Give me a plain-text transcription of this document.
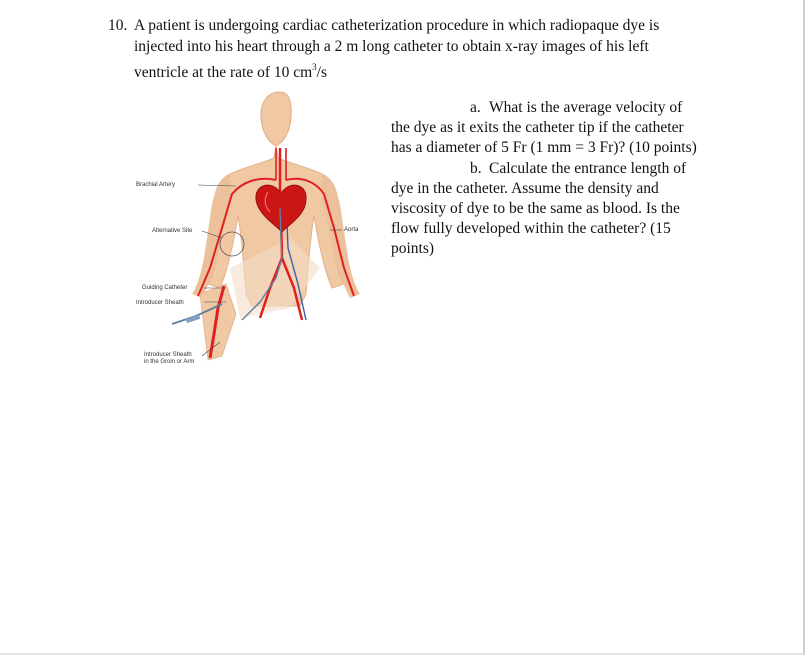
10. A patient is undergoing cardiac catheterization procedure in which radiopaque dye is
injected into his heart through a 2 m long catheter to obtain x-ray images of his left
ventricle at the rate of 10 $cm^3/s$
a. What is the average velocity of
the dye as it exits the catheter tip if the catheter
has a diameter of 5 Fr (1 mm = 3 Fr)? (10 points)
b. Calculate the entrance length of
dye in the catheter. Assume the density and
viscosity of dye to be the same as blood. Is the
flow fully developed within the catheter? (15
points)
Brachial Artery
Alternative Site
Guiding Catheter
Introducer Sheath
Introducer Sheath
in the Groin or Arm
Aorta
